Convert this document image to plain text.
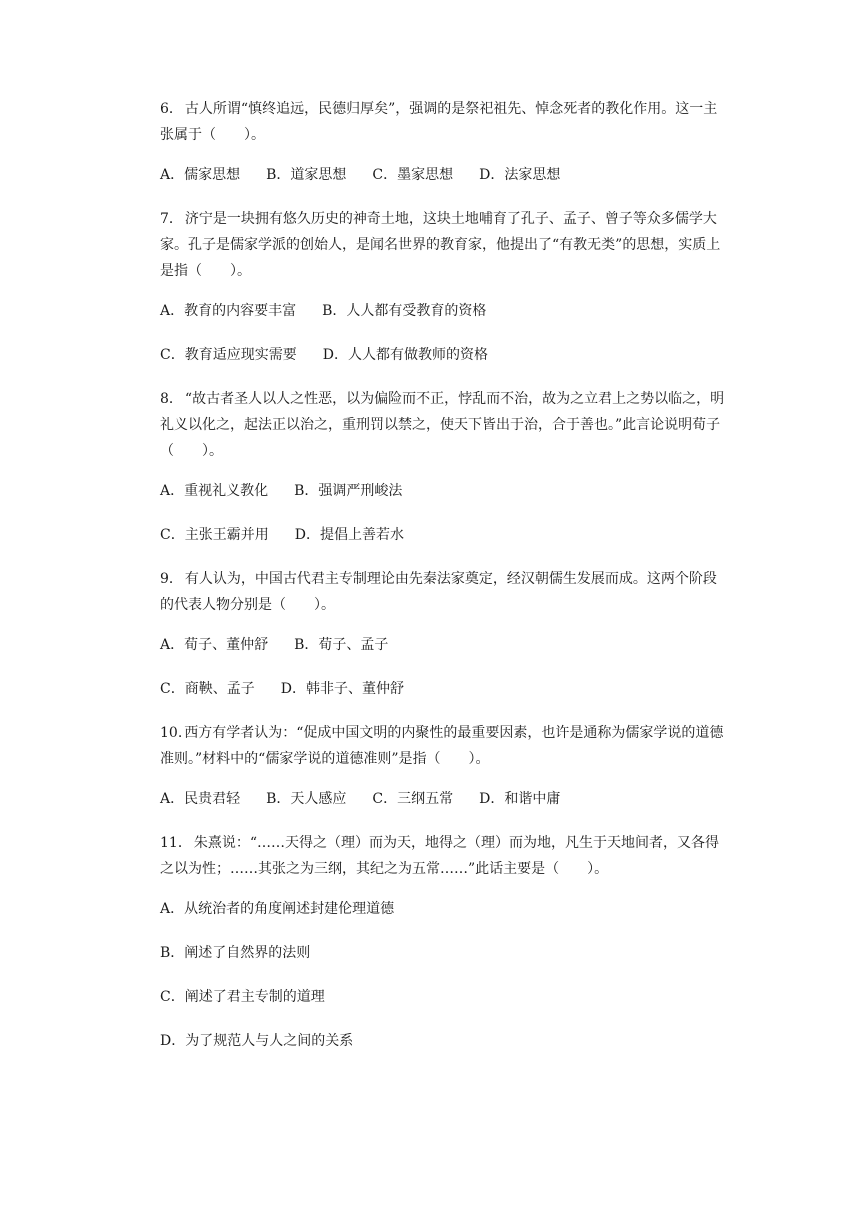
6． 古人所谓“慎终追远，民德归厚矣”，强调的是祭祀祖先、悼念死者的教化作用。这一主张属于（　　）。

A．儒家思想 B．道家思想 C．墨家思想 D．法家思想

7． 济宁是一块拥有悠久历史的神奇土地，这块土地哺育了孔子、孟子、曾子等众多儒学大家。孔子是儒家学派的创始人，是闻名世界的教育家，他提出了“有教无类”的思想，实质上是指（　　）。

A．教育的内容要丰富 B．人人都有受教育的资格
C．教育适应现实需要 D．人人都有做教师的资格

8． “故古者圣人以人之性恶，以为偏险而不正，悖乱而不治，故为之立君上之势以临之，明礼义以化之，起法正以治之，重刑罚以禁之，使天下皆出于治，合于善也。”此言论说明荀子（　　）。

A．重视礼义教化 B．强调严刑峻法
C．主张王霸并用 D．提倡上善若水

9． 有人认为，中国古代君主专制理论由先秦法家奠定，经汉朝儒生发展而成。这两个阶段的代表人物分别是（　　）。

A．荀子、董仲舒 B．荀子、孟子
C．商鞅、孟子 D．韩非子、董仲舒

10. 西方有学者认为：“促成中国文明的内聚性的最重要因素，也许是通称为儒家学说的道德准则。”材料中的“儒家学说的道德准则”是指（　　）。

A．民贵君轻 B．天人感应 C．三纲五常 D．和谐中庸

11． 朱熹说：“……天得之（理）而为天，地得之（理）而为地，凡生于天地间者，又各得之以为性；……其张之为三纲，其纪之为五常……”此话主要是（　　）。

A．从统治者的角度阐述封建伦理道德
B．阐述了自然界的法则
C．阐述了君主专制的道理
D．为了规范人与人之间的关系
